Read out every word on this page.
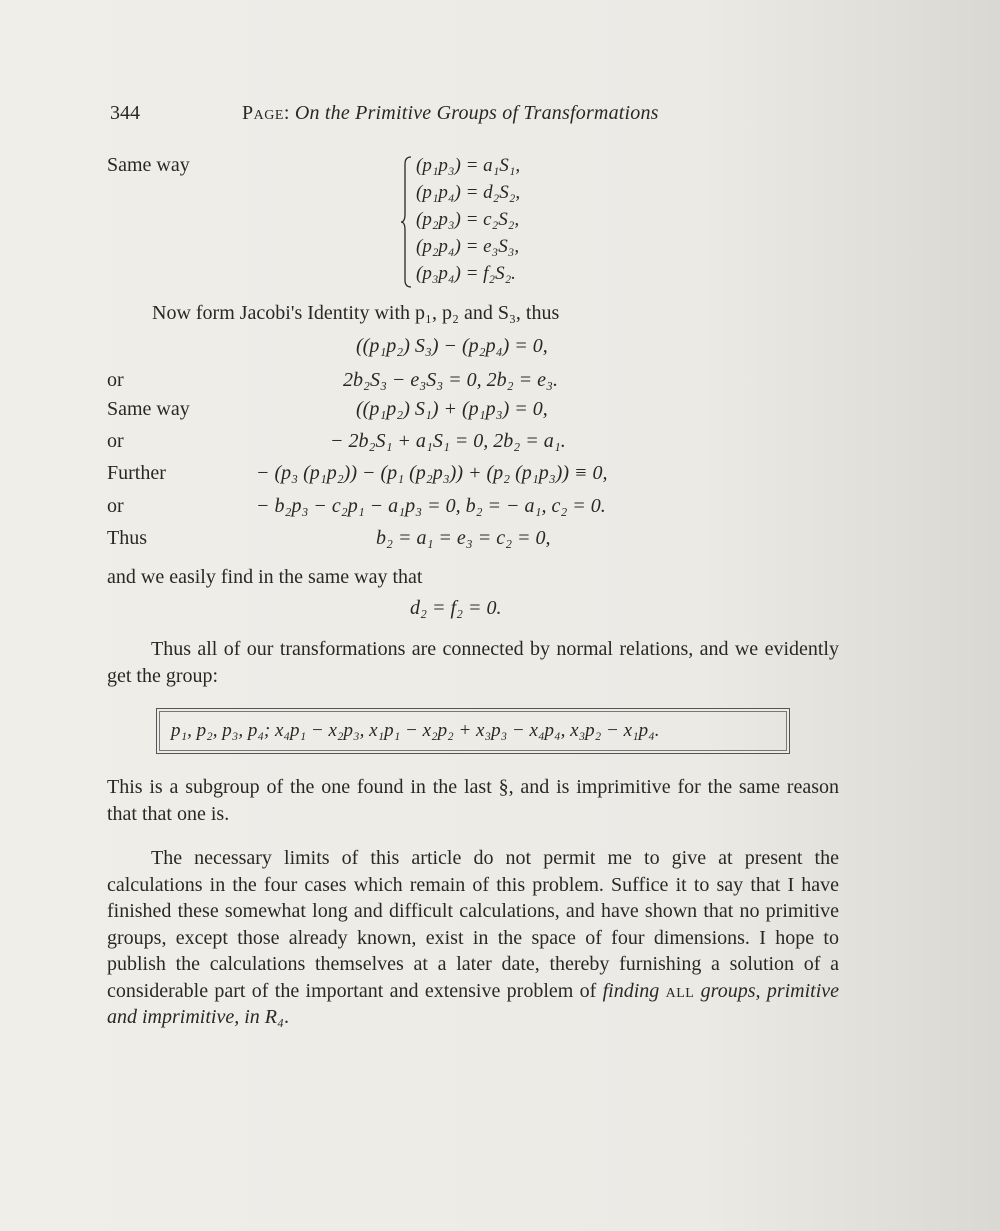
344	Page: On the Primitive Groups of Transformations
Same way	(p₁p₃) = a₁S₁,
(p₁p₄) = d₂S₂,
(p₂p₃) = c₂S₂,
(p₂p₄) = e₃S₃,
(p₃p₄) = f₂S₂.
Now form Jacobi's Identity with p₁, p₂ and S₃, thus
((p₁p₂) S₃) − (p₂p₄) = 0,
or	2b₂S₃ − e₃S₃ = 0, 2b₂ = e₃.
Same way	((p₁p₂) S₁) + (p₁p₃) = 0,
or	− 2b₂S₁ + a₁S₁ = 0, 2b₂ = a₁.
Further	− (p₃ (p₁p₂)) − (p₁ (p₂p₃)) + (p₂ (p₁p₃)) ≡ 0,
or	− b₂p₃ − c₂p₁ − a₁p₃ = 0, b₂ = − a₁, c₂ = 0.
Thus	b₂ = a₁ = e₃ = c₂ = 0,
and we easily find in the same way that
d₂ = f₂ = 0.
Thus all of our transformations are connected by normal relations, and we evidently get the group:
p₁, p₂, p₃, p₄; x₄p₁ − x₂p₃, x₁p₁ − x₂p₂ + x₃p₃ − x₄p₄, x₃p₂ − x₁p₄.
This is a subgroup of the one found in the last §, and is imprimitive for the same reason that that one is.
The necessary limits of this article do not permit me to give at present the calculations in the four cases which remain of this problem. Suffice it to say that I have finished these somewhat long and difficult calculations, and have shown that no primitive groups, except those already known, exist in the space of four dimensions. I hope to publish the calculations themselves at a later date, thereby furnishing a solution of a considerable part of the important and extensive problem of finding all groups, primitive and imprimitive, in R₄.
